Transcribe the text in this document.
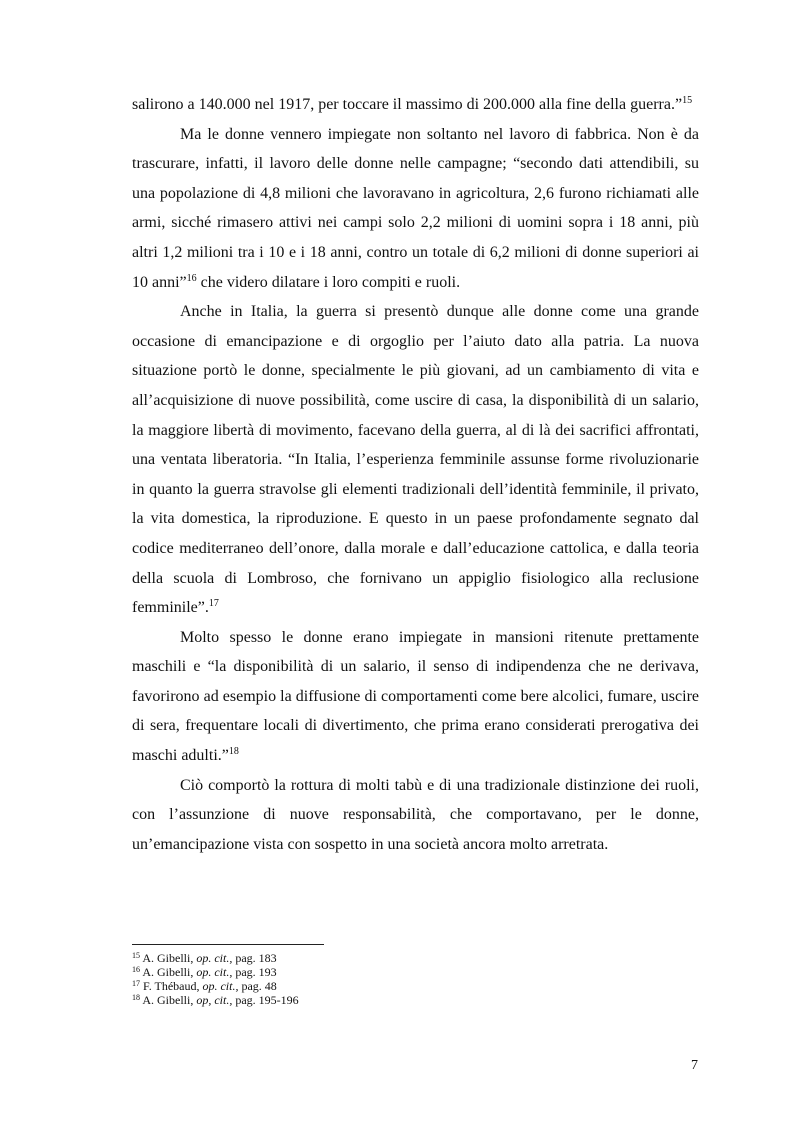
salirono a 140.000 nel 1917, per toccare il massimo di 200.000 alla fine della guerra.”$^{15}$

Ma le donne vennero impiegate non soltanto nel lavoro di fabbrica. Non è da trascurare, infatti, il lavoro delle donne nelle campagne; “secondo dati attendibili, su una popolazione di 4,8 milioni che lavoravano in agricoltura, 2,6 furono richiamati alle armi, sicché rimasero attivi nei campi solo 2,2 milioni di uomini sopra i 18 anni, più altri 1,2 milioni tra i 10 e i 18 anni, contro un totale di 6,2 milioni di donne superiori ai 10 anni”$^{16}$ che videro dilatare i loro compiti e ruoli.

Anche in Italia, la guerra si presentò dunque alle donne come una grande occasione di emancipazione e di orgoglio per l’aiuto dato alla patria. La nuova situazione portò le donne, specialmente le più giovani, ad un cambiamento di vita e all’acquisizione di nuove possibilità, come uscire di casa, la disponibilità di un salario, la maggiore libertà di movimento, facevano della guerra, al di là dei sacrifici affrontati, una ventata liberatoria. “In Italia, l’esperienza femminile assunse forme rivoluzionarie in quanto la guerra stravolse gli elementi tradizionali dell’identità femminile, il privato, la vita domestica, la riproduzione. E questo in un paese profondamente segnato dal codice mediterraneo dell’onore, dalla morale e dall’educazione cattolica, e dalla teoria della scuola di Lombroso, che fornivano un appiglio fisiologico alla reclusione femminile”.$^{17}$

Molto spesso le donne erano impiegate in mansioni ritenute prettamente maschili e “la disponibilità di un salario, il senso di indipendenza che ne derivava, favorirono ad esempio la diffusione di comportamenti come bere alcolici, fumare, uscire di sera, frequentare locali di divertimento, che prima erano considerati prerogativa dei maschi adulti.”$^{18}$

Ciò comportò la rottura di molti tabù e di una tradizionale distinzione dei ruoli, con l’assunzione di nuove responsabilità, che comportavano, per le donne, un’emancipazione vista con sospetto in una società ancora molto arretrata.

$^{15}$ A. Gibelli, op. cit., pag. 183
$^{16}$ A. Gibelli, op. cit., pag. 193
$^{17}$ F. Thébaud, op. cit., pag. 48
$^{18}$ A. Gibelli, op, cit., pag. 195-196
7
